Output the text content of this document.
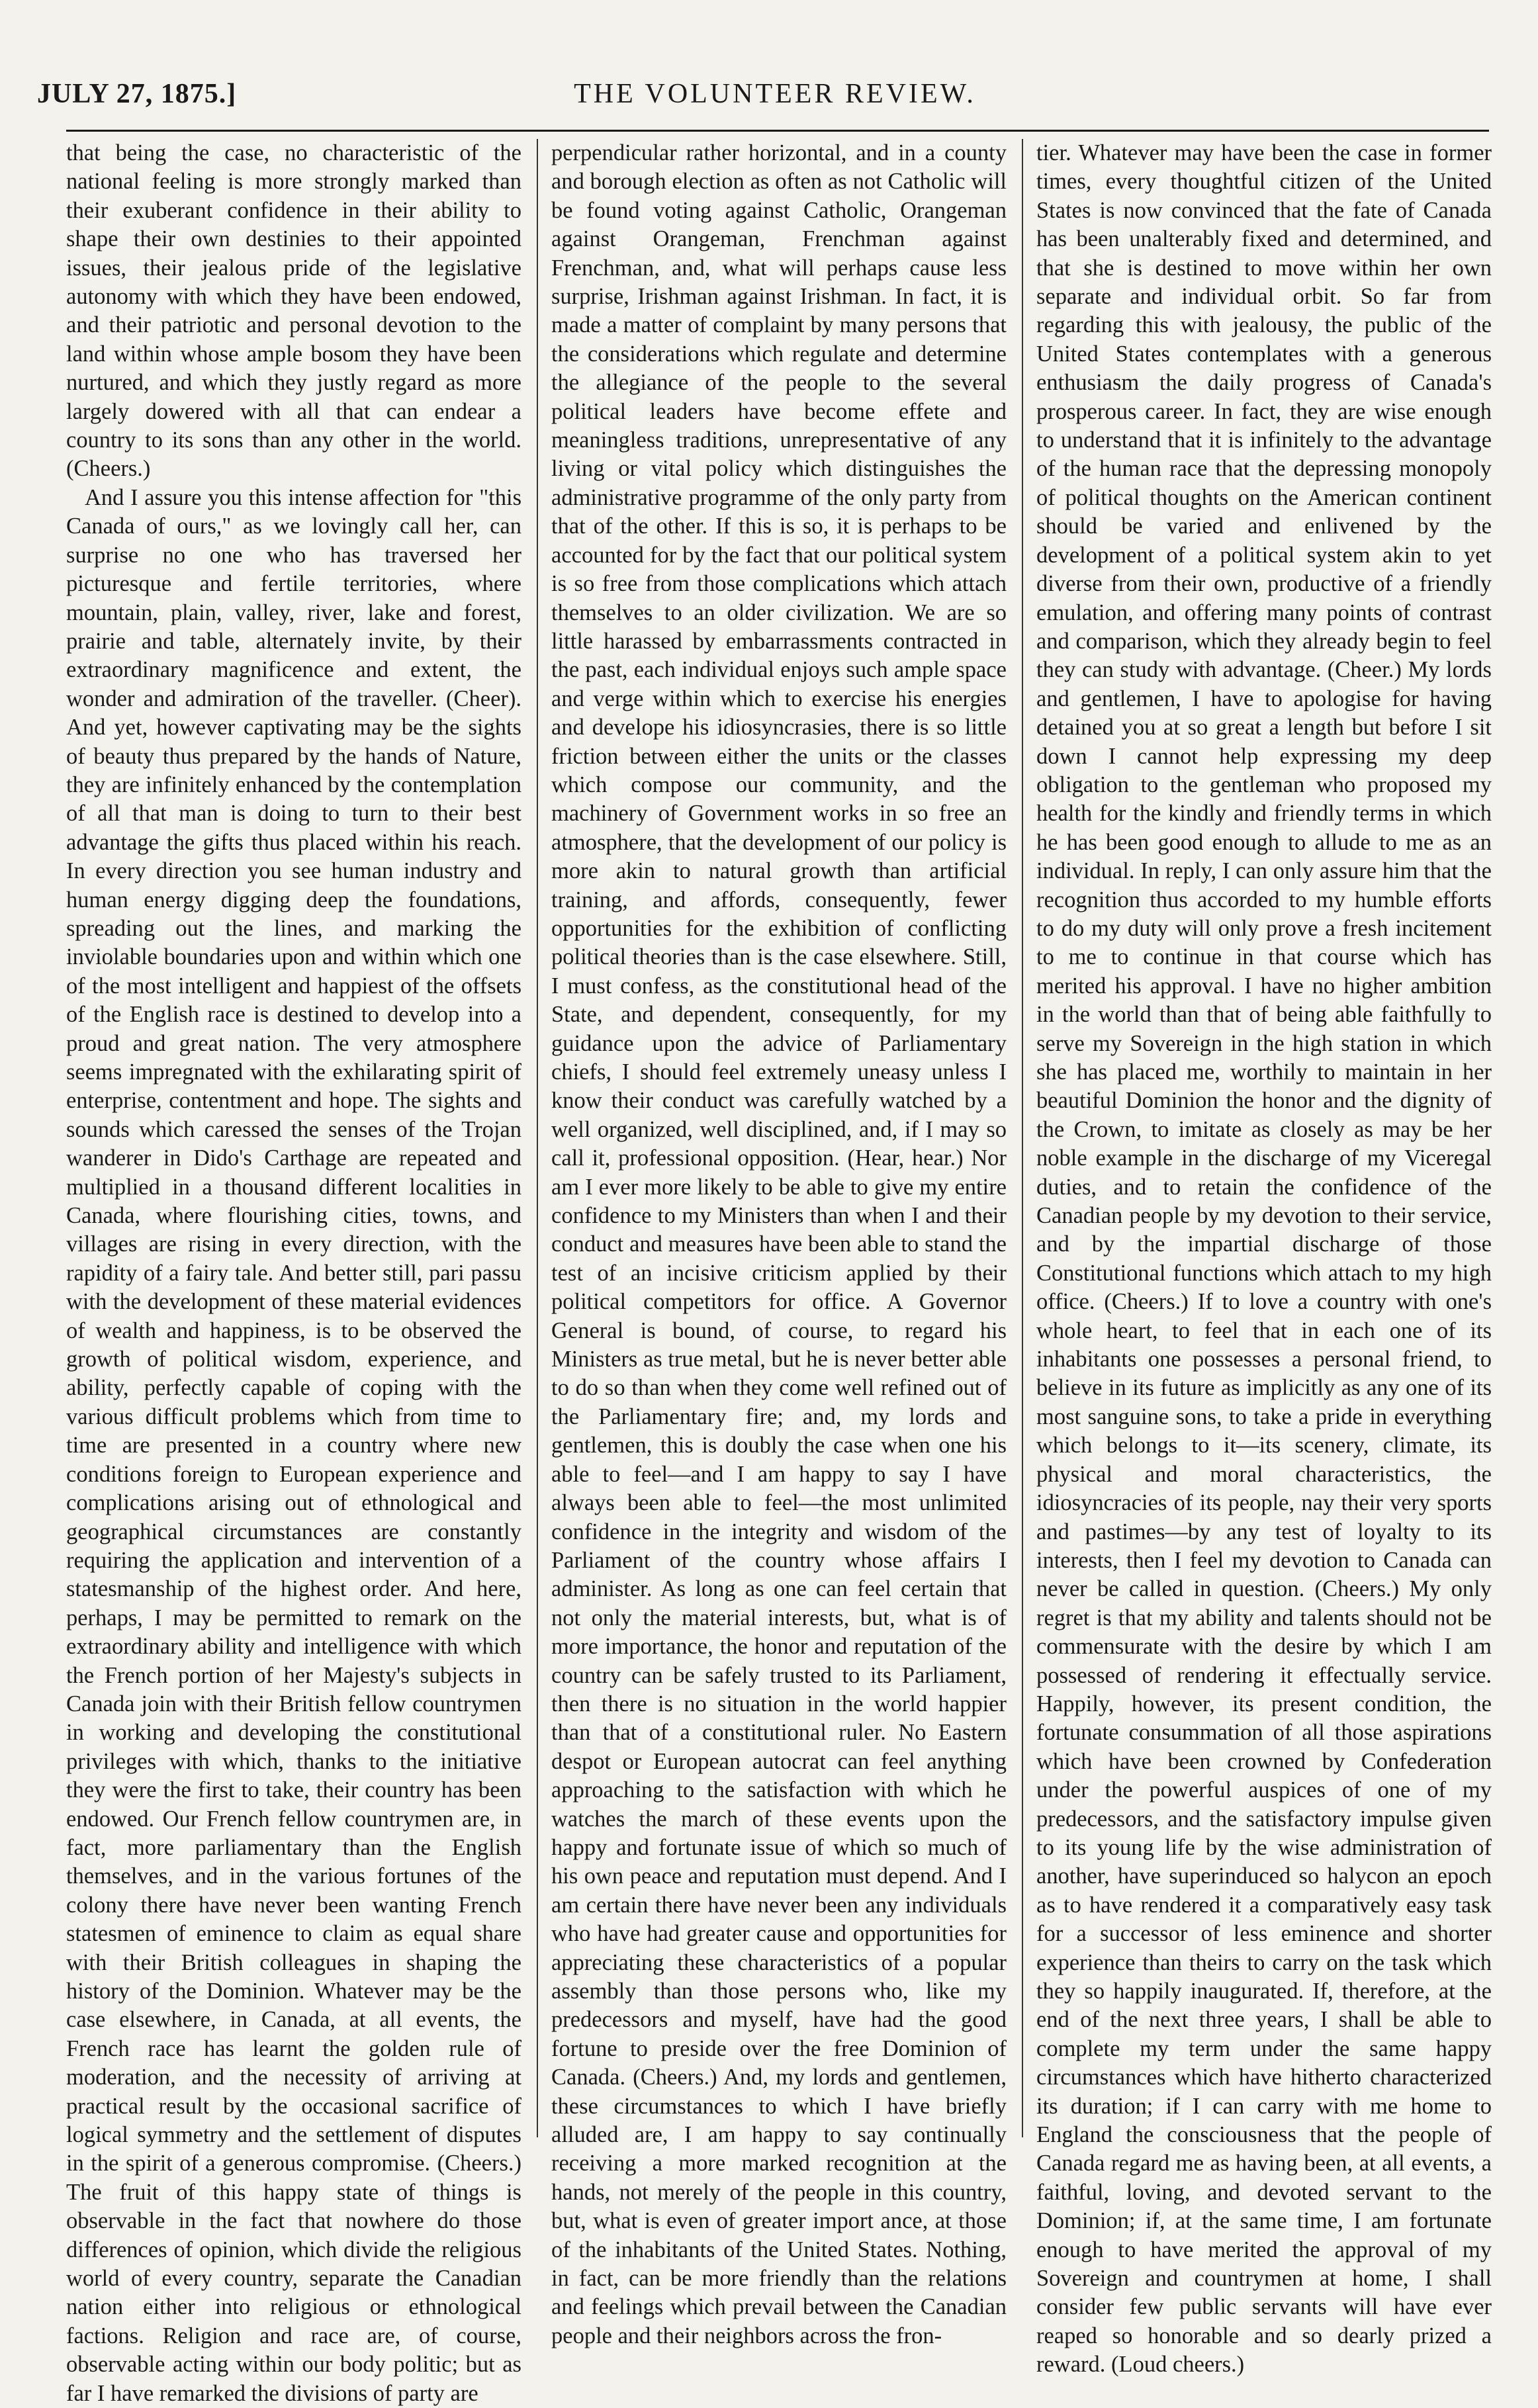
JULY 27, 1875.]	THE VOLUNTEER REVIEW.

that being the case, no characteristic of the national feeling is more strongly marked than their exuberant confidence in their ability to shape their own destinies to their appointed issues, their jealous pride of the legislative autonomy with which they have been endowed, and their patriotic and personal devotion to the land within whose ample bosom they have been nurtured, and which they justly regard as more largely dowered with all that can endear a country to its sons than any other in the world. (Cheers.)

And I assure you this intense affection for "this Canada of ours," as we lovingly call her, can surprise no one who has traversed her picturesque and fertile territories, where mountain, plain, valley, river, lake and forest, prairie and table, alternately invite, by their extraordinary magnificence and extent, the wonder and admiration of the traveller. (Cheer). And yet, however captivating may be the sights of beauty thus prepared by the hands of Nature, they are infinitely enhanced by the contemplation of all that man is doing to turn to their best advantage the gifts thus placed within his reach. In every direction you see human industry and human energy digging deep the foundations, spreading out the lines, and marking the inviolable boundaries upon and within which one of the most intelligent and happiest of the offsets of the English race is destined to develop into a proud and great nation. The very atmosphere seems impregnated with the exhilarating spirit of enterprise, contentment and hope. The sights and sounds which caressed the senses of the Trojan wanderer in Dido's Carthage are repeated and multiplied in a thousand different localities in Canada, where flourishing cities, towns, and villages are rising in every direction, with the rapidity of a fairy tale. And better still, pari passu with the development of these material evidences of wealth and happiness, is to be observed the growth of political wisdom, experience, and ability, perfectly capable of coping with the various difficult problems which from time to time are presented in a country where new conditions foreign to European experience and complications arising out of ethnological and geographical circumstances are constantly requiring the application and intervention of a statesmanship of the highest order. And here, perhaps, I may be permitted to remark on the extraordinary ability and intelligence with which the French portion of her Majesty's subjects in Canada join with their British fellow countrymen in working and developing the constitutional privileges with which, thanks to the initiative they were the first to take, their country has been endowed. Our French fellow countrymen are, in fact, more parliamentary than the English themselves, and in the various fortunes of the colony there have never been wanting French statesmen of eminence to claim as equal share with their British colleagues in shaping the history of the Dominion. Whatever may be the case elsewhere, in Canada, at all events, the French race has learnt the golden rule of moderation, and the necessity of arriving at practical result by the occasional sacrifice of logical symmetry and the settlement of disputes in the spirit of a generous compromise. (Cheers.) The fruit of this happy state of things is observable in the fact that nowhere do those differences of opinion, which divide the religious world of every country, separate the Canadian nation either into religious or ethnological factions. Religion and race are, of course, observable acting within our body politic; but as far I have remarked the divisions of party are

perpendicular rather horizontal, and in a county and borough election as often as not Catholic will be found voting against Catholic, Orangeman against Orangeman, Frenchman against Frenchman, and, what will perhaps cause less surprise, Irishman against Irishman. In fact, it is made a matter of complaint by many persons that the considerations which regulate and determine the allegiance of the people to the several political leaders have become effete and meaningless traditions, unrepresentative of any living or vital policy which distinguishes the administrative programme of the only party from that of the other. If this is so, it is perhaps to be accounted for by the fact that our political system is so free from those complications which attach themselves to an older civilization. We are so little harassed by embarrassments contracted in the past, each individual enjoys such ample space and verge within which to exercise his energies and develope his idiosyncrasies, there is so little friction between either the units or the classes which compose our community, and the machinery of Government works in so free an atmosphere, that the development of our policy is more akin to natural growth than artificial training, and affords, consequently, fewer opportunities for the exhibition of conflicting political theories than is the case elsewhere. Still, I must confess, as the constitutional head of the State, and dependent, consequently, for my guidance upon the advice of Parliamentary chiefs, I should feel extremely uneasy unless I know their conduct was carefully watched by a well organized, well disciplined, and, if I may so call it, professional opposition. (Hear, hear.) Nor am I ever more likely to be able to give my entire confidence to my Ministers than when I and their conduct and measures have been able to stand the test of an incisive criticism applied by their political competitors for office. A Governor General is bound, of course, to regard his Ministers as true metal, but he is never better able to do so than when they come well refined out of the Parliamentary fire; and, my lords and gentlemen, this is doubly the case when one his able to feel—and I am happy to say I have always been able to feel—the most unlimited confidence in the integrity and wisdom of the Parliament of the country whose affairs I administer. As long as one can feel certain that not only the material interests, but, what is of more importance, the honor and reputation of the country can be safely trusted to its Parliament, then there is no situation in the world happier than that of a constitutional ruler. No Eastern despot or European autocrat can feel anything approaching to the satisfaction with which he watches the march of these events upon the happy and fortunate issue of which so much of his own peace and reputation must depend. And I am certain there have never been any individuals who have had greater cause and opportunities for appreciating these characteristics of a popular assembly than those persons who, like my predecessors and myself, have had the good fortune to preside over the free Dominion of Canada. (Cheers.) And, my lords and gentlemen, these circumstances to which I have briefly alluded are, I am happy to say continually receiving a more marked recognition at the hands, not merely of the people in this country, but, what is even of greater import ance, at those of the inhabitants of the United States. Nothing, in fact, can be more friendly than the relations and feelings which prevail between the Canadian people and their neighbors across the fron-

tier. Whatever may have been the case in former times, every thoughtful citizen of the United States is now convinced that the fate of Canada has been unalterably fixed and determined, and that she is destined to move within her own separate and individual orbit. So far from regarding this with jealousy, the public of the United States contemplates with a generous enthusiasm the daily progress of Canada's prosperous career. In fact, they are wise enough to understand that it is infinitely to the advantage of the human race that the depressing monopoly of political thoughts on the American continent should be varied and enlivened by the development of a political system akin to yet diverse from their own, productive of a friendly emulation, and offering many points of contrast and comparison, which they already begin to feel they can study with advantage. (Cheer.) My lords and gentlemen, I have to apologise for having detained you at so great a length but before I sit down I cannot help expressing my deep obligation to the gentleman who proposed my health for the kindly and friendly terms in which he has been good enough to allude to me as an individual. In reply, I can only assure him that the recognition thus accorded to my humble efforts to do my duty will only prove a fresh incitement to me to continue in that course which has merited his approval. I have no higher ambition in the world than that of being able faithfully to serve my Sovereign in the high station in which she has placed me, worthily to maintain in her beautiful Dominion the honor and the dignity of the Crown, to imitate as closely as may be her noble example in the discharge of my Viceregal duties, and to retain the confidence of the Canadian people by my devotion to their service, and by the impartial discharge of those Constitutional functions which attach to my high office. (Cheers.) If to love a country with one's whole heart, to feel that in each one of its inhabitants one possesses a personal friend, to believe in its future as implicitly as any one of its most sanguine sons, to take a pride in everything which belongs to it—its scenery, climate, its physical and moral characteristics, the idiosyncracies of its people, nay their very sports and pastimes—by any test of loyalty to its interests, then I feel my devotion to Canada can never be called in question. (Cheers.) My only regret is that my ability and talents should not be commensurate with the desire by which I am possessed of rendering it effectually service. Happily, however, its present condition, the fortunate consummation of all those aspirations which have been crowned by Confederation under the powerful auspices of one of my predecessors, and the satisfactory impulse given to its young life by the wise administration of another, have superinduced so halycon an epoch as to have rendered it a comparatively easy task for a successor of less eminence and shorter experience than theirs to carry on the task which they so happily inaugurated. If, therefore, at the end of the next three years, I shall be able to complete my term under the same happy circumstances which have hitherto characterized its duration; if I can carry with me home to England the consciousness that the people of Canada regard me as having been, at all events, a faithful, loving, and devoted servant to the Dominion; if, at the same time, I am fortunate enough to have merited the approval of my Sovereign and countrymen at home, I shall consider few public servants will have ever reaped so honorable and so dearly prized a reward. (Loud cheers.)
